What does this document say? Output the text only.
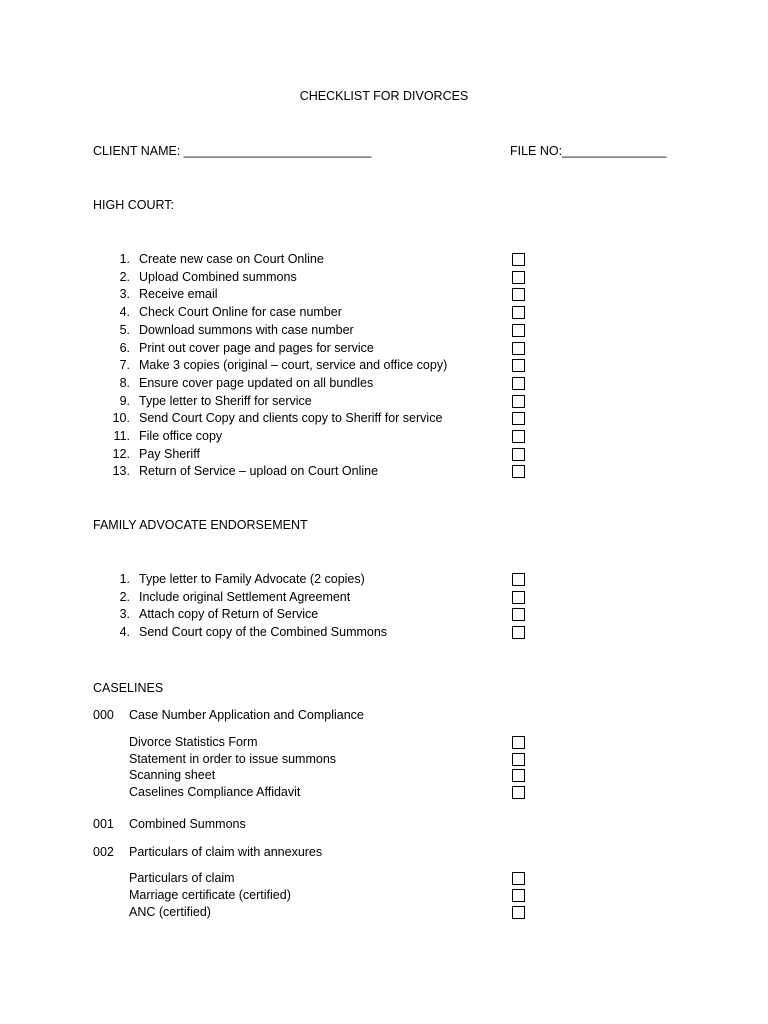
CHECKLIST FOR DIVORCES
CLIENT NAME: ___________________________	FILE NO:_______________
HIGH COURT:
1. Create new case on Court Online
2. Upload Combined summons
3. Receive email
4. Check Court Online for case number
5. Download summons with case number
6. Print out cover page and pages for service
7. Make 3 copies (original – court, service and office copy)
8. Ensure cover page updated on all bundles
9. Type letter to Sheriff for service
10. Send Court Copy and clients copy to Sheriff for service
11. File office copy
12. Pay Sheriff
13. Return of Service – upload on Court Online
FAMILY ADVOCATE ENDORSEMENT
1. Type letter to Family Advocate (2 copies)
2. Include original Settlement Agreement
3. Attach copy of Return of Service
4. Send Court copy of the Combined Summons
CASELINES
000 Case Number Application and Compliance
Divorce Statistics Form
Statement in order to issue summons
Scanning sheet
Caselines Compliance Affidavit
001 Combined Summons
002 Particulars of claim with annexures
Particulars of claim
Marriage certificate (certified)
ANC (certified)
